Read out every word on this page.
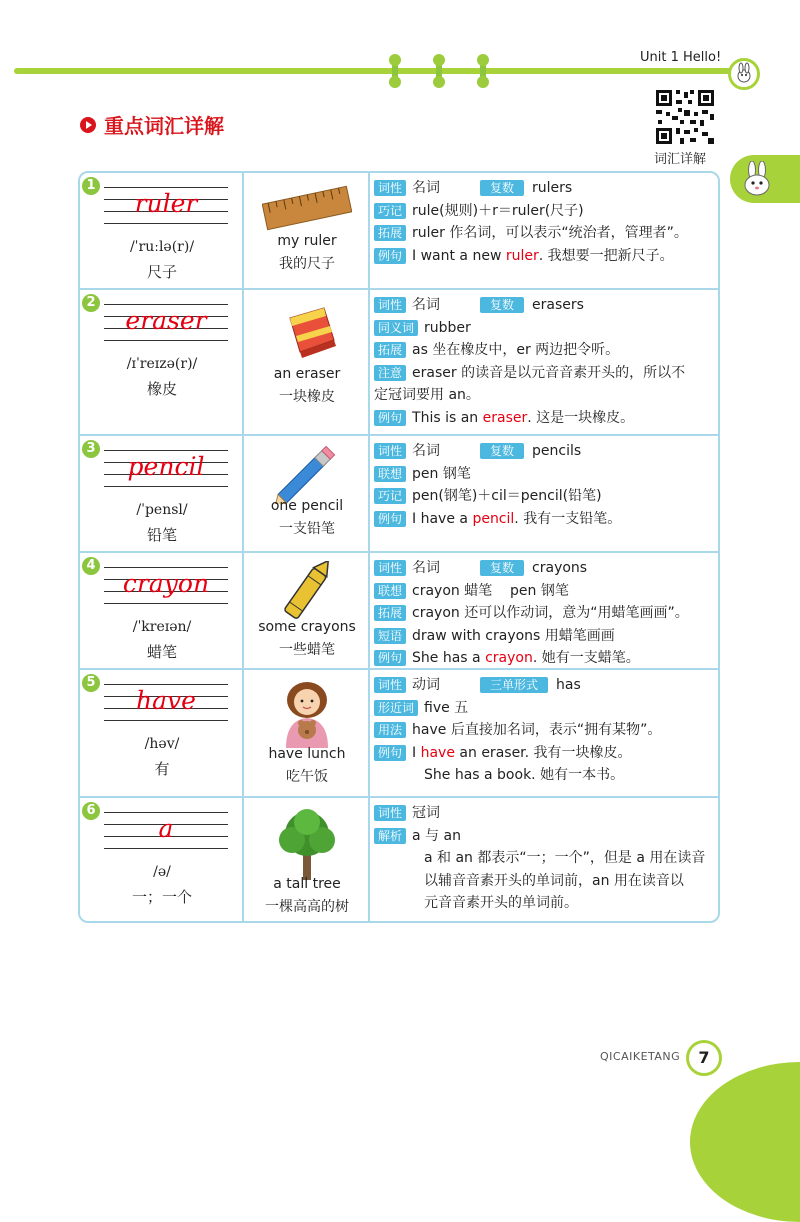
Unit 1 Hello!
重点词汇详解
词汇详解
1
ruler
/ˈruːlə(r)/
尺子
my ruler
我的尺子
词性 名词	复数	rulers
巧记 rule(规则)＋r＝ruler(尺子)
拓展 ruler 作名词，可以表示“统治者，管理者”。
例句 I want a new ruler . 我想要一把新尺子。
2
eraser
/ɪˈreɪzə(r)/
橡皮
an eraser
一块橡皮
词性 名词	复数	erasers
同义词 rubber
拓展 as 坐在橡皮中，er 两边把令听。
注意 eraser 的读音是以元音音素开头的，所以不
定冠词要用 an。
例句 This is an eraser . 这是一块橡皮。
3
pencil
/ˈpensl/
铅笔
one pencil
一支铅笔
词性 名词	复数	pencils
联想 pen 钢笔
巧记 pen(钢笔)＋cil＝pencil(铅笔)
例句 I have a pencil . 我有一支铅笔。
4
crayon
/ˈkreɪən/
蜡笔
some crayons
一些蜡笔
词性 名词	复数	crayons
联想 crayon 蜡笔    pen 钢笔
拓展 crayon 还可以作动词，意为“用蜡笔画画”。
短语 draw with crayons 用蜡笔画画
例句 She has a crayon . 她有一支蜡笔。
5
have
/həv/
有
have lunch
吃午饭
词性 动词	三单形式	has
形近词 five 五
用法 have 后直接加名词，表示“拥有某物”。
例句 I have an eraser. 我有一块橡皮。
She has a book. 她有一本书。
6
a
/ə/
一；一个
a tall tree
一棵高高的树
词性 冠词
解析 a 与 an
a 和 an 都表示“一；一个”，但是 a 用在读音
以辅音音素开头的单词前，an 用在读音以
元音音素开头的单词前。
QICAIKETANG	7
